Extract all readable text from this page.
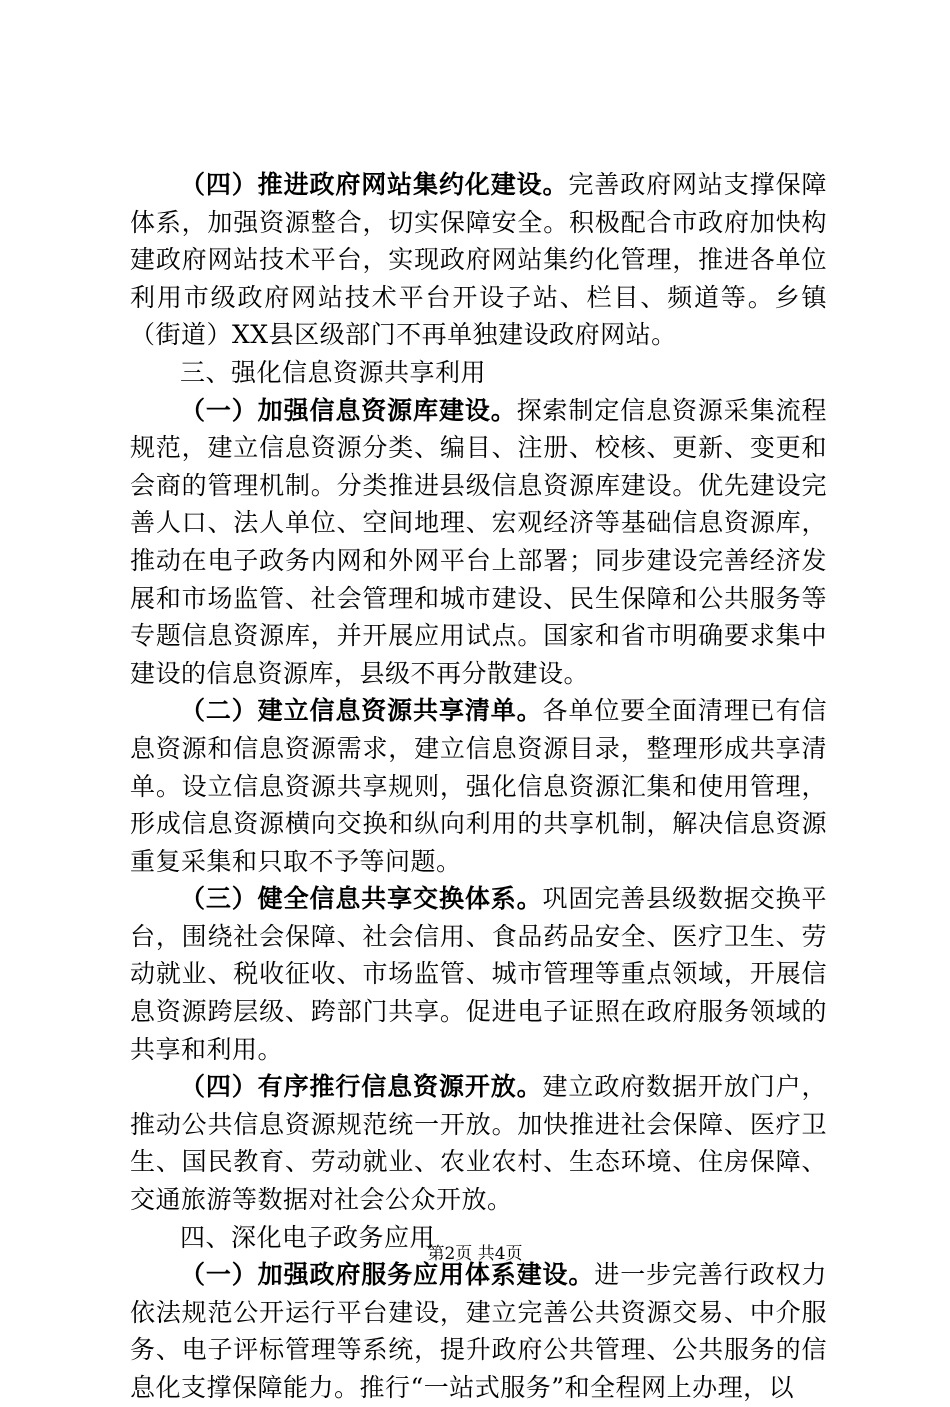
（四）推进政府网站集约化建设。完善政府网站支撑保障体系，加强资源整合，切实保障安全。积极配合市政府加快构建政府网站技术平台，实现政府网站集约化管理，推进各单位利用市级政府网站技术平台开设子站、栏目、频道等。乡镇（街道）XX县区级部门不再单独建设政府网站。

三、强化信息资源共享利用

（一）加强信息资源库建设。探索制定信息资源采集流程规范，建立信息资源分类、编目、注册、校核、更新、变更和会商的管理机制。分类推进县级信息资源库建设。优先建设完善人口、法人单位、空间地理、宏观经济等基础信息资源库，推动在电子政务内网和外网平台上部署；同步建设完善经济发展和市场监管、社会管理和城市建设、民生保障和公共服务等专题信息资源库，并开展应用试点。国家和省市明确要求集中建设的信息资源库，县级不再分散建设。

（二）建立信息资源共享清单。各单位要全面清理已有信息资源和信息资源需求，建立信息资源目录，整理形成共享清单。设立信息资源共享规则，强化信息资源汇集和使用管理，形成信息资源横向交换和纵向利用的共享机制，解决信息资源重复采集和只取不予等问题。

（三）健全信息共享交换体系。巩固完善县级数据交换平台，围绕社会保障、社会信用、食品药品安全、医疗卫生、劳动就业、税收征收、市场监管、城市管理等重点领域，开展信息资源跨层级、跨部门共享。促进电子证照在政府服务领域的共享和利用。

（四）有序推行信息资源开放。建立政府数据开放门户，推动公共信息资源规范统一开放。加快推进社会保障、医疗卫生、国民教育、劳动就业、农业农村、生态环境、住房保障、交通旅游等数据对社会公众开放。

四、深化电子政务应用

（一）加强政府服务应用体系建设。进一步完善行政权力依法规范公开运行平台建设，建立完善公共资源交易、中介服务、电子评标管理等系统，提升政府公共管理、公共服务的信息化支撑保障能力。推行“一站式服务”和全程网上办理，以

第2页 共4页
